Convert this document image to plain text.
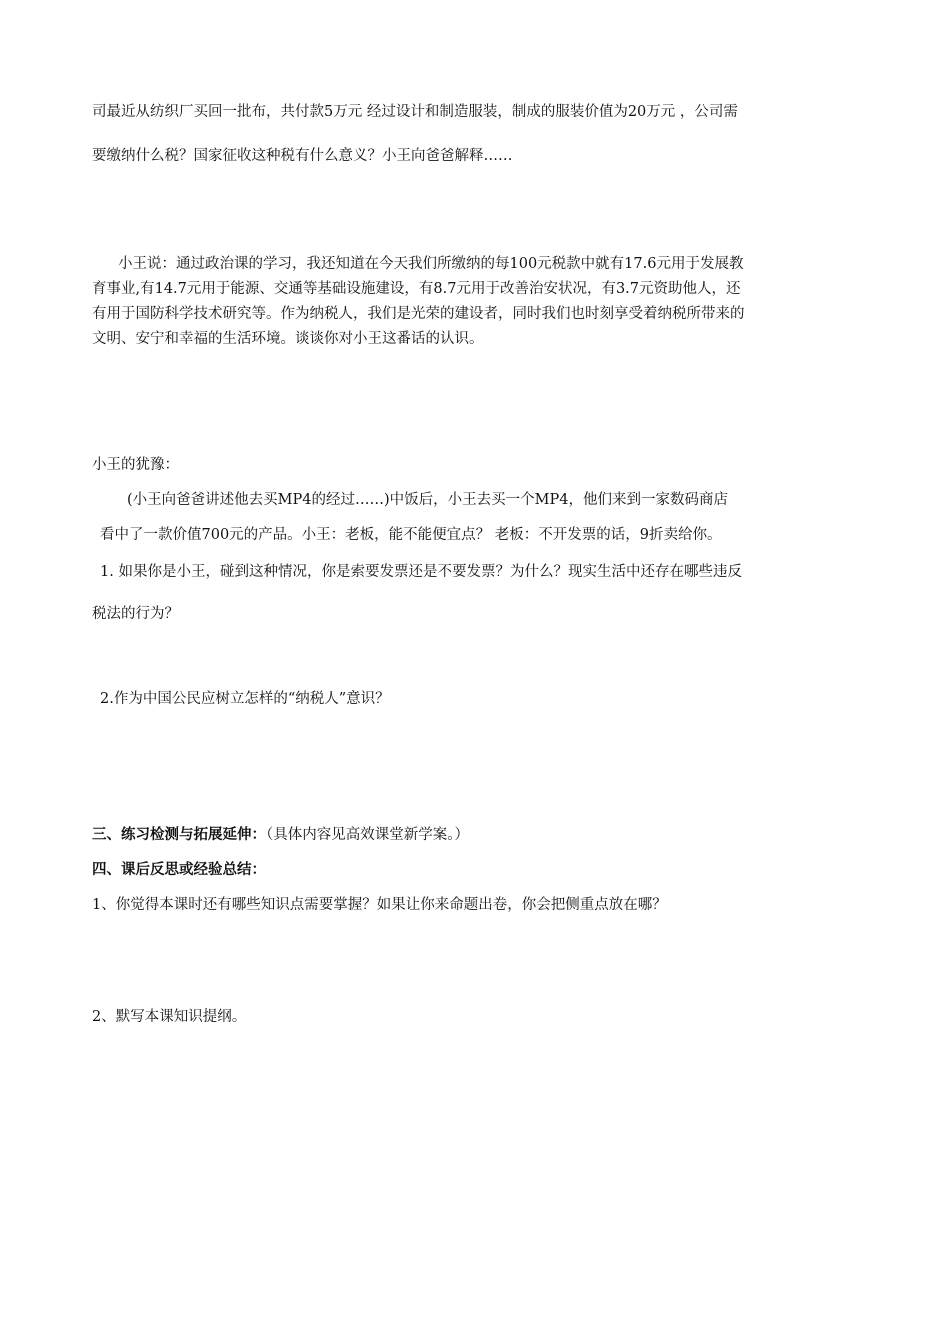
司最近从纺织厂买回一批布，共付款5万元 经过设计和制造服装，制成的服装价值为20万元 ，公司需
要缴纳什么税？国家征收这种税有什么意义？小王向爸爸解释……
小王说：通过政治课的学习，我还知道在今天我们所缴纳的每100元税款中就有17.6元用于发展教
育事业,有14.7元用于能源、交通等基础设施建设，有8.7元用于改善治安状况，有3.7元资助他人，还
有用于国防科学技术研究等。作为纳税人，我们是光荣的建设者，同时我们也时刻享受着纳税所带来的
文明、安宁和幸福的生活环境。谈谈你对小王这番话的认识。
小王的犹豫：
(小王向爸爸讲述他去买MP4的经过……)中饭后，小王去买一个MP4，他们来到一家数码商店
看中了一款价值700元的产品。小王：老板，能不能便宜点？ 老板：不开发票的话，9折卖给你。
1. 如果你是小王，碰到这种情况，你是索要发票还是不要发票？为什么？现实生活中还存在哪些违反
税法的行为？
2.作为中国公民应树立怎样的“纳税人”意识？
三、练习检测与拓展延伸：（具体内容见高效课堂新学案。）
四、课后反思或经验总结：
1、你觉得本课时还有哪些知识点需要掌握？如果让你来命题出卷，你会把侧重点放在哪？
2、默写本课知识提纲。
